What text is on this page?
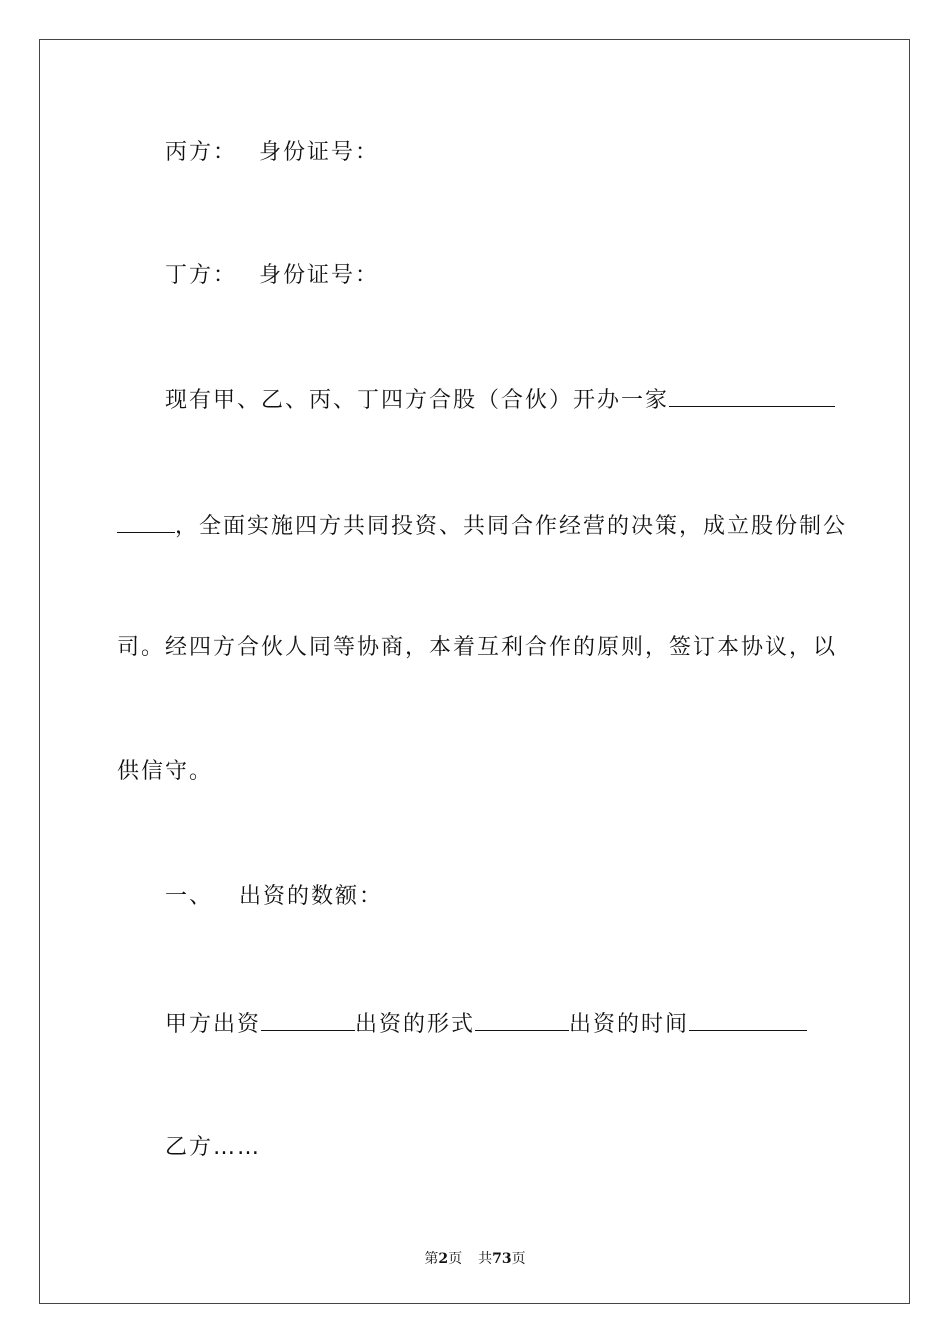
丙方： 身份证号：
丁方： 身份证号：
现有甲、乙、丙、丁四方合股（合伙）开办一家
，全面实施四方共同投资、共同合作经营的决策，成立股份制公
司。经四方合伙人同等协商，本着互利合作的原则，签订本协议，以
供信守。
一、 出资的数额：
甲方出资	出资的形式	出资的时间
乙方……
第2页 共73页
